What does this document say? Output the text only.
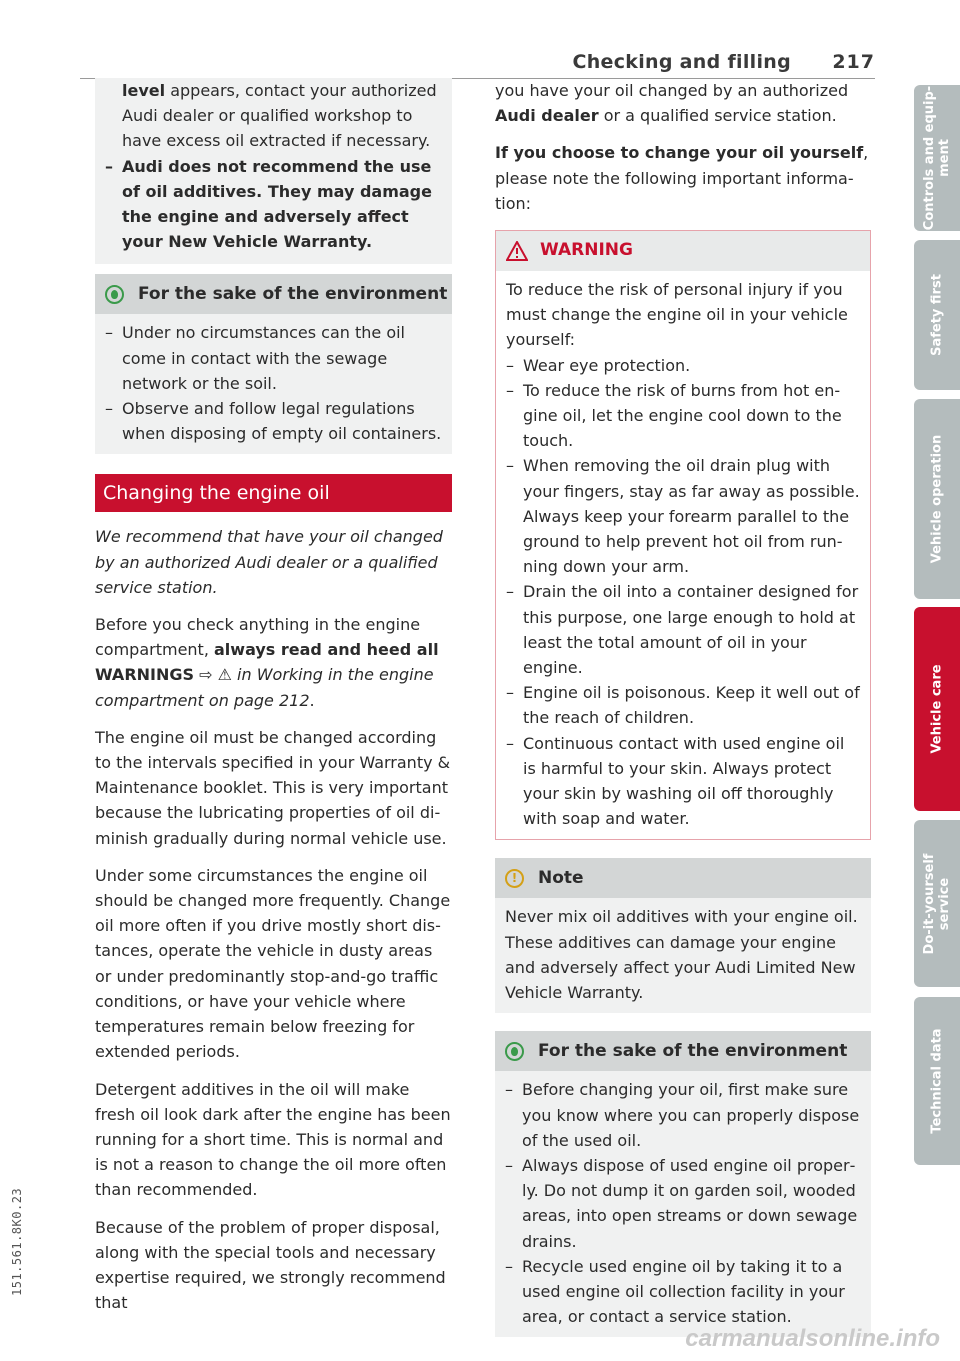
Checking and filling 217
level appears, contact your authorized Audi dealer or qualified workshop to have excess oil extracted if necessary.
– Audi does not recommend the use of oil additives. They may damage the engine and adversely affect your New Vehicle Warranty.
For the sake of the environment
– Under no circumstances can the oil come in contact with the sewage network or the soil.
– Observe and follow legal regulations when disposing of empty oil containers.
Changing the engine oil

We recommend that have your oil changed by an authorized Audi dealer or a qualified service station.

Before you check anything in the engine compartment, always read and heed all WARNINGS ⇨ ⚠ in Working in the engine compartment on page 212.

The engine oil must be changed according to the intervals specified in your Warranty & Maintenance booklet. This is very important because the lubricating properties of oil diminish gradually during normal vehicle use.

Under some circumstances the engine oil should be changed more frequently. Change oil more often if you drive mostly short distances, operate the vehicle in dusty areas or under predominantly stop-and-go traffic conditions, or have your vehicle where temperatures remain below freezing for extended periods.

Detergent additives in the oil will make fresh oil look dark after the engine has been running for a short time. This is normal and is not a reason to change the oil more often than recommended.

Because of the problem of proper disposal, along with the special tools and necessary expertise required, we strongly recommend that

you have your oil changed by an authorized Audi dealer or a qualified service station.

If you choose to change your oil yourself, please note the following important information:

WARNING
To reduce the risk of personal injury if you must change the engine oil in your vehicle yourself:
– Wear eye protection.
– To reduce the risk of burns from hot engine oil, let the engine cool down to the touch.
– When removing the oil drain plug with your fingers, stay as far away as possible. Always keep your forearm parallel to the ground to help prevent hot oil from running down your arm.
– Drain the oil into a container designed for this purpose, one large enough to hold at least the total amount of oil in your engine.
– Engine oil is poisonous. Keep it well out of the reach of children.
– Continuous contact with used engine oil is harmful to your skin. Always protect your skin by washing oil off thoroughly with soap and water.
!	Note
Never mix oil additives with your engine oil. These additives can damage your engine and adversely affect your Audi Limited New Vehicle Warranty.
For the sake of the environment
– Before changing your oil, first make sure you know where you can properly dispose of the used oil.
– Always dispose of used engine oil properly. Do not dump it on garden soil, wooded areas, into open streams or down sewage drains.
– Recycle used engine oil by taking it to a used engine oil collection facility in your area, or contact a service station.
Controls and equip- ment
Safety first
Vehicle operation
Vehicle care
Do-it-yourself service
Technical data
151.561.8K0.23
carmanualsonline.info
